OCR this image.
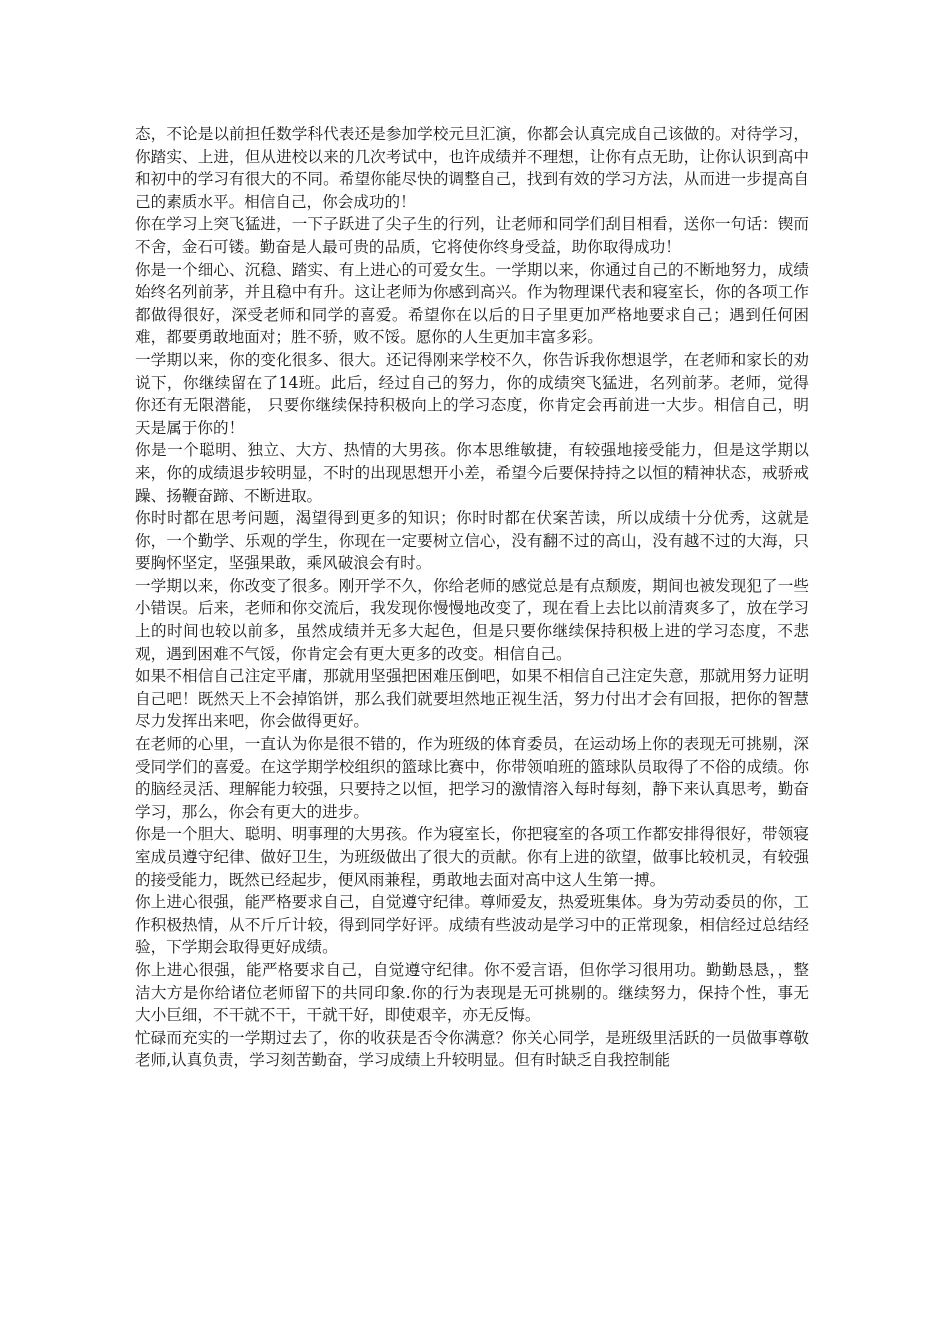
态，不论是以前担任数学科代表还是参加学校元旦汇演，你都会认真完成自己该做的。对待学习，你踏实、上进，但从进校以来的几次考试中，也许成绩并不理想，让你有点无助，让你认识到高中和初中的学习有很大的不同。希望你能尽快的调整自己，找到有效的学习方法，从而进一步提高自己的素质水平。相信自己，你会成功的！

你在学习上突飞猛进，一下子跃进了尖子生的行列，让老师和同学们刮目相看，送你一句话：锲而不舍，金石可镂。勤奋是人最可贵的品质，它将使你终身受益，助你取得成功！

你是一个细心、沉稳、踏实、有上进心的可爱女生。一学期以来，你通过自己的不断地努力，成绩始终名列前茅，并且稳中有升。这让老师为你感到高兴。作为物理课代表和寝室长，你的各项工作都做得很好，深受老师和同学的喜爱。希望你在以后的日子里更加严格地要求自己；遇到任何困难，都要勇敢地面对；胜不骄，败不馁。愿你的人生更加丰富多彩。

一学期以来，你的变化很多、很大。还记得刚来学校不久，你告诉我你想退学，在老师和家长的劝说下，你继续留在了14班。此后，经过自己的努力，你的成绩突飞猛进，名列前茅。老师，觉得你还有无限潜能， 只要你继续保持积极向上的学习态度，你肯定会再前进一大步。相信自己，明天是属于你的！

你是一个聪明、独立、大方、热情的大男孩。你本思维敏捷，有较强地接受能力，但是这学期以来，你的成绩退步较明显，不时的出现思想开小差，希望今后要保持持之以恒的精神状态，戒骄戒躁、扬鞭奋蹄、不断进取。

你时时都在思考问题，渴望得到更多的知识；你时时都在伏案苦读，所以成绩十分优秀，这就是你，一个勤学、乐观的学生，你现在一定要树立信心，没有翻不过的高山，没有越不过的大海，只要胸怀坚定，坚强果敢，乘风破浪会有时。

一学期以来，你改变了很多。刚开学不久，你给老师的感觉总是有点颓废，期间也被发现犯了一些小错误。后来，老师和你交流后，我发现你慢慢地改变了，现在看上去比以前清爽多了，放在学习上的时间也较以前多，虽然成绩并无多大起色，但是只要你继续保持积极上进的学习态度，不悲观，遇到困难不气馁，你肯定会有更大更多的改变。相信自己。

如果不相信自己注定平庸，那就用坚强把困难压倒吧，如果不相信自己注定失意，那就用努力证明自己吧！既然天上不会掉馅饼，那么我们就要坦然地正视生活，努力付出才会有回报，把你的智慧尽力发挥出来吧，你会做得更好。

在老师的心里，一直认为你是很不错的，作为班级的体育委员，在运动场上你的表现无可挑剔，深受同学们的喜爱。在这学期学校组织的篮球比赛中，你带领咱班的篮球队员取得了不俗的成绩。你的脑经灵活、理解能力较强，只要持之以恒，把学习的激情溶入每时每刻，静下来认真思考，勤奋学习，那么，你会有更大的进步。

你是一个胆大、聪明、明事理的大男孩。作为寝室长，你把寝室的各项工作都安排得很好，带领寝室成员遵守纪律、做好卫生，为班级做出了很大的贡献。你有上进的欲望，做事比较机灵，有较强的接受能力，既然已经起步，便风雨兼程，勇敢地去面对高中这人生第一搏。

你上进心很强，能严格要求自己，自觉遵守纪律。尊师爱友，热爱班集体。身为劳动委员的你，工作积极热情，从不斤斤计较，得到同学好评。成绩有些波动是学习中的正常现象，相信经过总结经验，下学期会取得更好成绩。

你上进心很强，能严格要求自己，自觉遵守纪律。你不爱言语，但你学习很用功。勤勤恳恳，，整洁大方是你给诸位老师留下的共同印象.你的行为表现是无可挑剔的。继续努力，保持个性，事无大小巨细，不干就不干，干就干好，即使艰辛，亦无反悔。

忙碌而充实的一学期过去了，你的收获是否令你满意？你关心同学，是班级里活跃的一员做事尊敬老师,认真负责，学习刻苦勤奋，学习成绩上升较明显。但有时缺乏自我控制能
